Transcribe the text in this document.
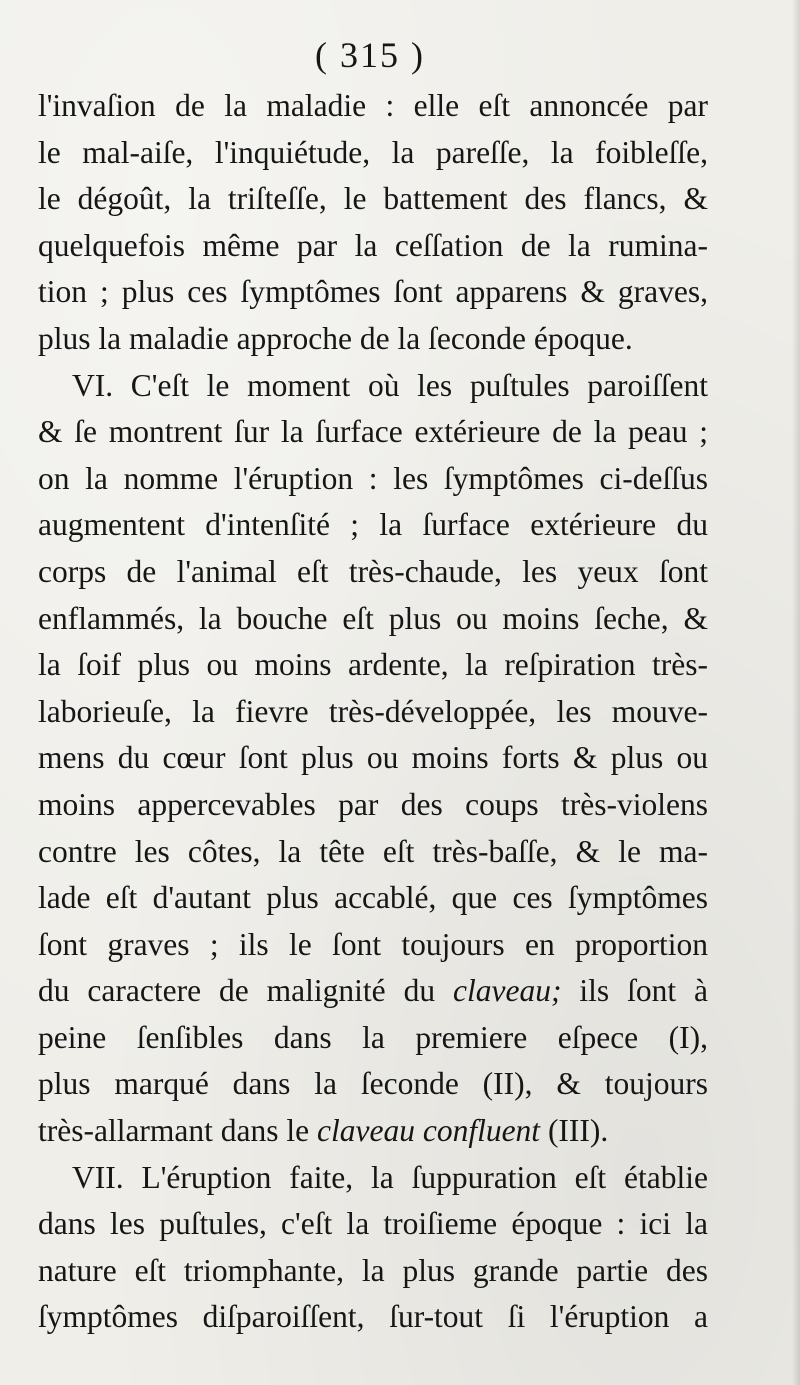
( 315 )
l'invaſion de la maladie : elle eſt annoncée par
le mal-aiſe, l'inquiétude, la pareſſe, la foibleſſe,
le dégoût, la triſteſſe, le battement des flancs, &
quelquefois même par la ceſſation de la rumina-
tion ; plus ces ſymptômes ſont apparens & graves,
plus la maladie approche de la ſeconde époque.
VI. C'eſt le moment où les puſtules paroiſſent
& ſe montrent ſur la ſurface extérieure de la peau ;
on la nomme l'éruption : les ſymptômes ci-deſſus
augmentent d'intenſité ; la ſurface extérieure du
corps de l'animal eſt très-chaude, les yeux ſont
enflammés, la bouche eſt plus ou moins ſeche, &
la ſoif plus ou moins ardente, la reſpiration très-
laborieuſe, la fievre très-développée, les mouve-
mens du cœur ſont plus ou moins forts & plus ou
moins appercevables par des coups très-violens
contre les côtes, la tête eſt très-baſſe, & le ma-
lade eſt d'autant plus accablé, que ces ſymptômes
ſont graves ; ils le ſont toujours en proportion
du caractere de malignité du claveau; ils ſont à
peine ſenſibles dans la premiere eſpece (I),
plus marqué dans la ſeconde (II), & toujours
très-allarmant dans le claveau confluent (III).
VII. L'éruption faite, la ſuppuration eſt établie
dans les puſtules, c'eſt la troiſieme époque : ici la
nature eſt triomphante, la plus grande partie des
ſymptômes diſparoiſſent, ſur-tout ſi l'éruption a
